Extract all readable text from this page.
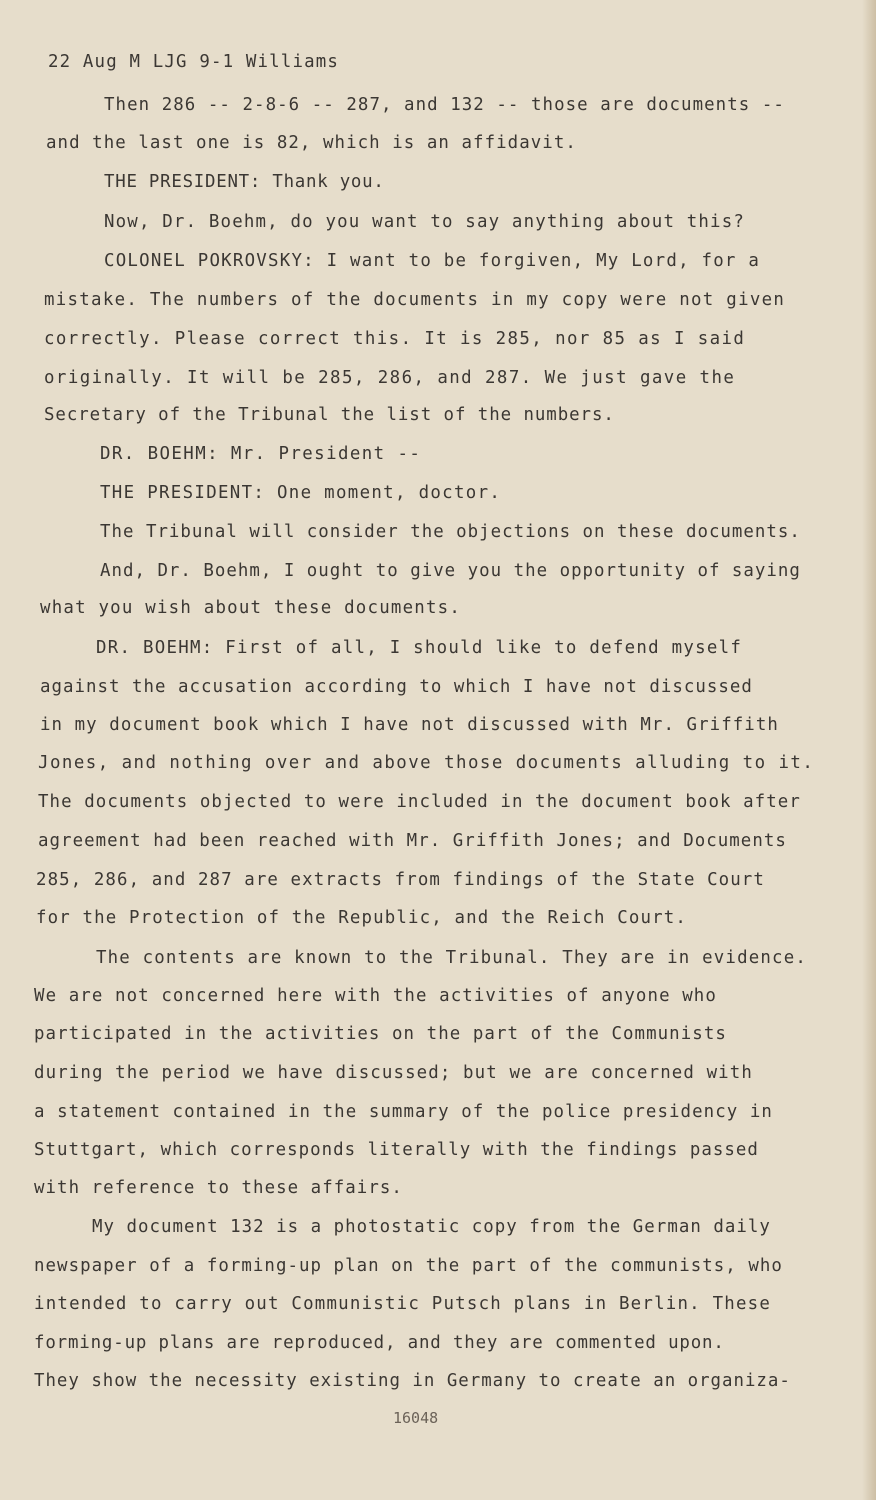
22 Aug M LJG 9-1 Williams
Then 286 -- 2-8-6 -- 287, and 132 -- those are documents --
and the last one is 82, which is an affidavit.
THE PRESIDENT: Thank you.
Now, Dr. Boehm, do you want to say anything about this?
COLONEL POKROVSKY: I want to be forgiven, My Lord, for a
mistake. The numbers of the documents in my copy were not given
correctly. Please correct this. It is 285, nor 85 as I said
originally. It will be 285, 286, and 287. We just gave the
Secretary of the Tribunal the list of the numbers.
DR. BOEHM: Mr. President --
THE PRESIDENT: One moment, doctor.
The Tribunal will consider the objections on these documents.
And, Dr. Boehm, I ought to give you the opportunity of saying
what you wish about these documents.
DR. BOEHM: First of all, I should like to defend myself
against the accusation according to which I have not discussed
in my document book which I have not discussed with Mr. Griffith
Jones, and nothing over and above those documents alluding to it.
The documents objected to were included in the document book after
agreement had been reached with Mr. Griffith Jones; and Documents
285, 286, and 287 are extracts from findings of the State Court
for the Protection of the Republic, and the Reich Court.
The contents are known to the Tribunal. They are in evidence.
We are not concerned here with the activities of anyone who
participated in the activities on the part of the Communists
during the period we have discussed; but we are concerned with
a statement contained in the summary of the police presidency in
Stuttgart, which corresponds literally with the findings passed
with reference to these affairs.
My document 132 is a photostatic copy from the German daily
newspaper of a forming-up plan on the part of the communists, who
intended to carry out Communistic Putsch plans in Berlin. These
forming-up plans are reproduced, and they are commented upon.
They show the necessity existing in Germany to create an organiza-
16048
